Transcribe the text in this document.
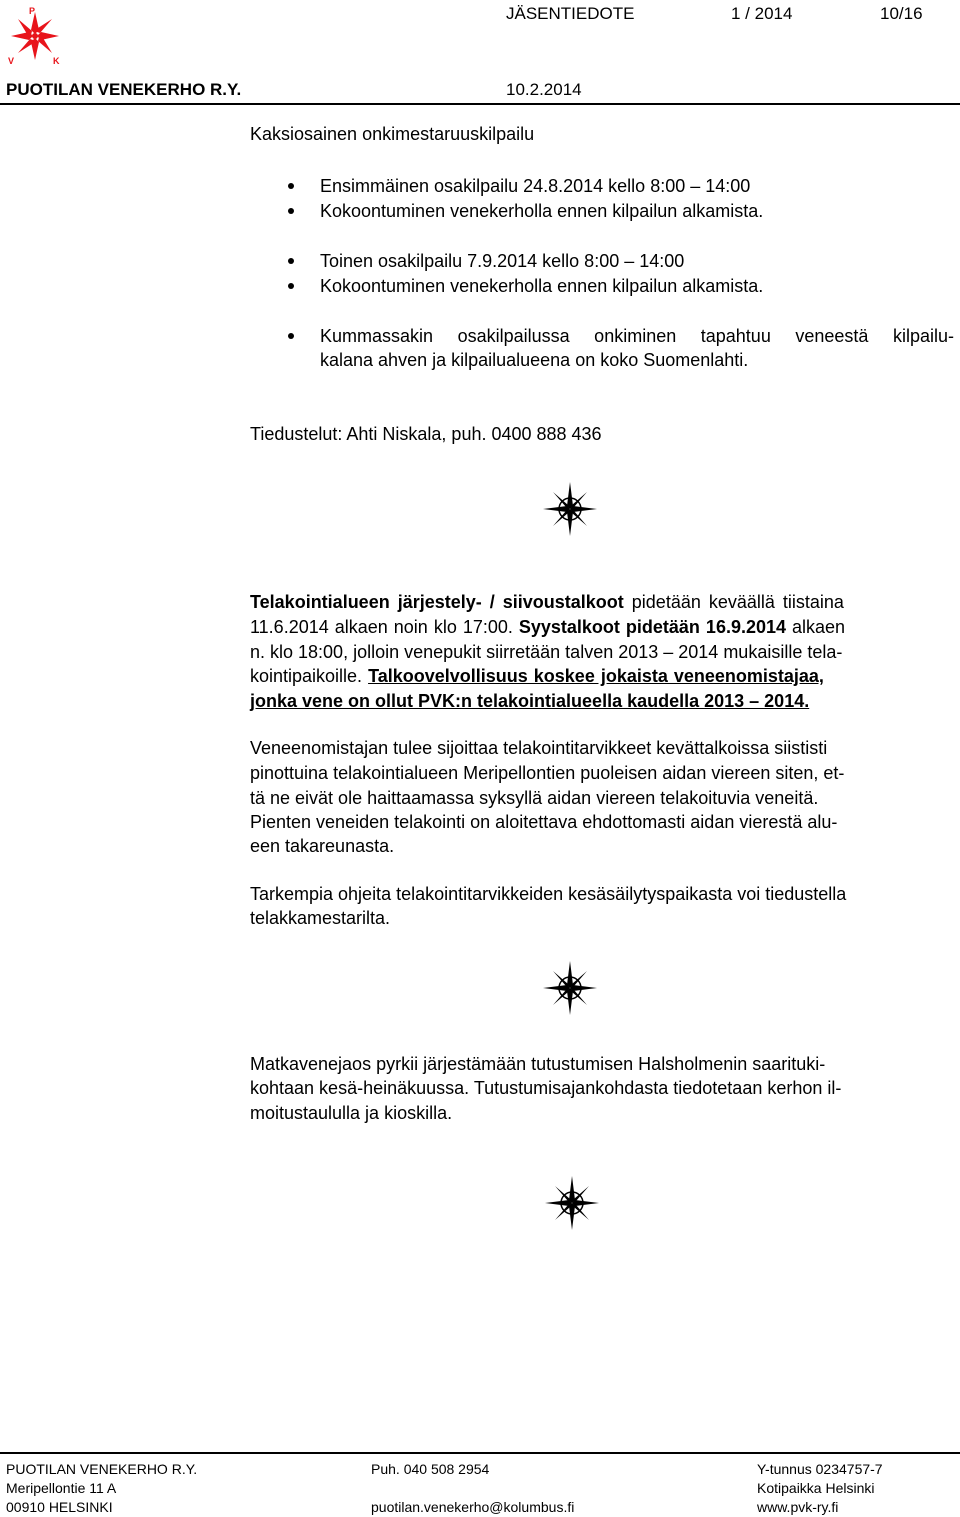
P
V	K
JÄSENTIEDOTE	1 / 2014	10/16
PUOTILAN VENEKERHO R.Y.	10.2.2014
Kaksiosainen onkimestaruuskilpailu
Ensimmäinen osakilpailu 24.8.2014 kello 8:00 – 14:00
Kokoontuminen venekerholla ennen kilpailun alkamista.
Toinen osakilpailu 7.9.2014 kello 8:00 – 14:00
Kokoontuminen venekerholla ennen kilpailun alkamista.
Kummassakin osakilpailussa onkiminen tapahtuu veneestä kilpailu-
kalana ahven ja kilpailualueena on koko Suomenlahti.
Tiedustelut: Ahti Niskala, puh. 0400 888 436
Telakointialueen järjestely- / siivoustalkoot pidetään keväällä tiistaina
11.6.2014 alkaen noin klo 17:00. Syystalkoot pidetään 16.9.2014 alkaen
n. klo 18:00, jolloin venepukit siirretään talven 2013 – 2014 mukaisille tela-
kointipaikoille. Talkoovelvollisuus koskee jokaista veneenomistajaa,
jonka vene on ollut PVK:n telakointialueella kaudella 2013 – 2014.
Veneenomistajan tulee sijoittaa telakointitarvikkeet kevättalkoissa siististi
pinottuina telakointialueen Meripellontien puoleisen aidan viereen siten, et-
tä ne eivät ole haittaamassa syksyllä aidan viereen telakoituvia veneitä.
Pienten veneiden telakointi on aloitettava ehdottomasti aidan vierestä alu-
een takareunasta.
Tarkempia ohjeita telakointitarvikkeiden kesäsäilytyspaikasta voi tiedustella
telakkamestarilta.
Matkavenejaos pyrkii järjestämään tutustumisen Halsholmenin saarituki-
kohtaan kesä-heinäkuussa. Tutustumisajankohdasta tiedotetaan kerhon il-
moitustaululla ja kioskilla.
PUOTILAN VENEKERHO R.Y.
Meripellontie 11 A
00910 HELSINKI
Puh. 040 508 2954
puotilan.venekerho@kolumbus.fi
Y-tunnus 0234757-7
Kotipaikka Helsinki
www.pvk-ry.fi
